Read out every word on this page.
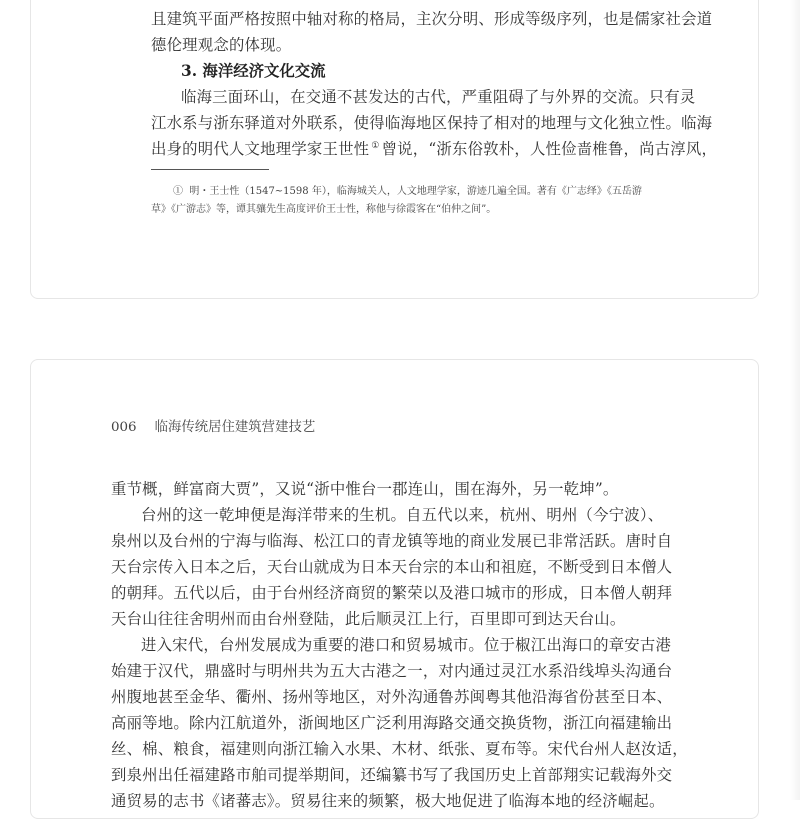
且建筑平面严格按照中轴对称的格局，主次分明、形成等级序列，也是儒家社会道
德伦理观念的体现。
3. 海洋经济文化交流
临海三面环山，在交通不甚发达的古代，严重阻碍了与外界的交流。只有灵
江水系与浙东驿道对外联系，使得临海地区保持了相对的地理与文化独立性。临海
出身的明代人文地理学家王世性 ① 曾说，“浙东俗敦朴，人性俭啬椎鲁，尚古淳风，
① 明・王士性（1547~1598 年），临海城关人，人文地理学家，游迹几遍全国。著有《广志绎》《五岳游
草》《广游志》等，谭其骧先生高度评价王士性，称他与徐霞客在“伯仲之间”。
006 临海传统居住建筑营建技艺
重节概，鲜富商大贾”，又说“浙中惟台一郡连山，围在海外，另一乾坤”。
台州的这一乾坤便是海洋带来的生机。自五代以来，杭州、明州（今宁波）、
泉州以及台州的宁海与临海、松江口的青龙镇等地的商业发展已非常活跃。唐时自
天台宗传入日本之后，天台山就成为日本天台宗的本山和祖庭，不断受到日本僧人
的朝拜。五代以后，由于台州经济商贸的繁荣以及港口城市的形成，日本僧人朝拜
天台山往往舍明州而由台州登陆，此后顺灵江上行，百里即可到达天台山。
进入宋代，台州发展成为重要的港口和贸易城市。位于椒江出海口的章安古港
始建于汉代，鼎盛时与明州共为五大古港之一，对内通过灵江水系沿线埠头沟通台
州腹地甚至金华、衢州、扬州等地区，对外沟通鲁苏闽粤其他沿海省份甚至日本、
高丽等地。除内江航道外，浙闽地区广泛利用海路交通交换货物，浙江向福建输出
丝、棉、粮食，福建则向浙江输入水果、木材、纸张、夏布等。宋代台州人赵汝适，
到泉州出任福建路市舶司提举期间，还编纂书写了我国历史上首部翔实记载海外交
通贸易的志书《诸蕃志》。贸易往来的频繁，极大地促进了临海本地的经济崛起。
